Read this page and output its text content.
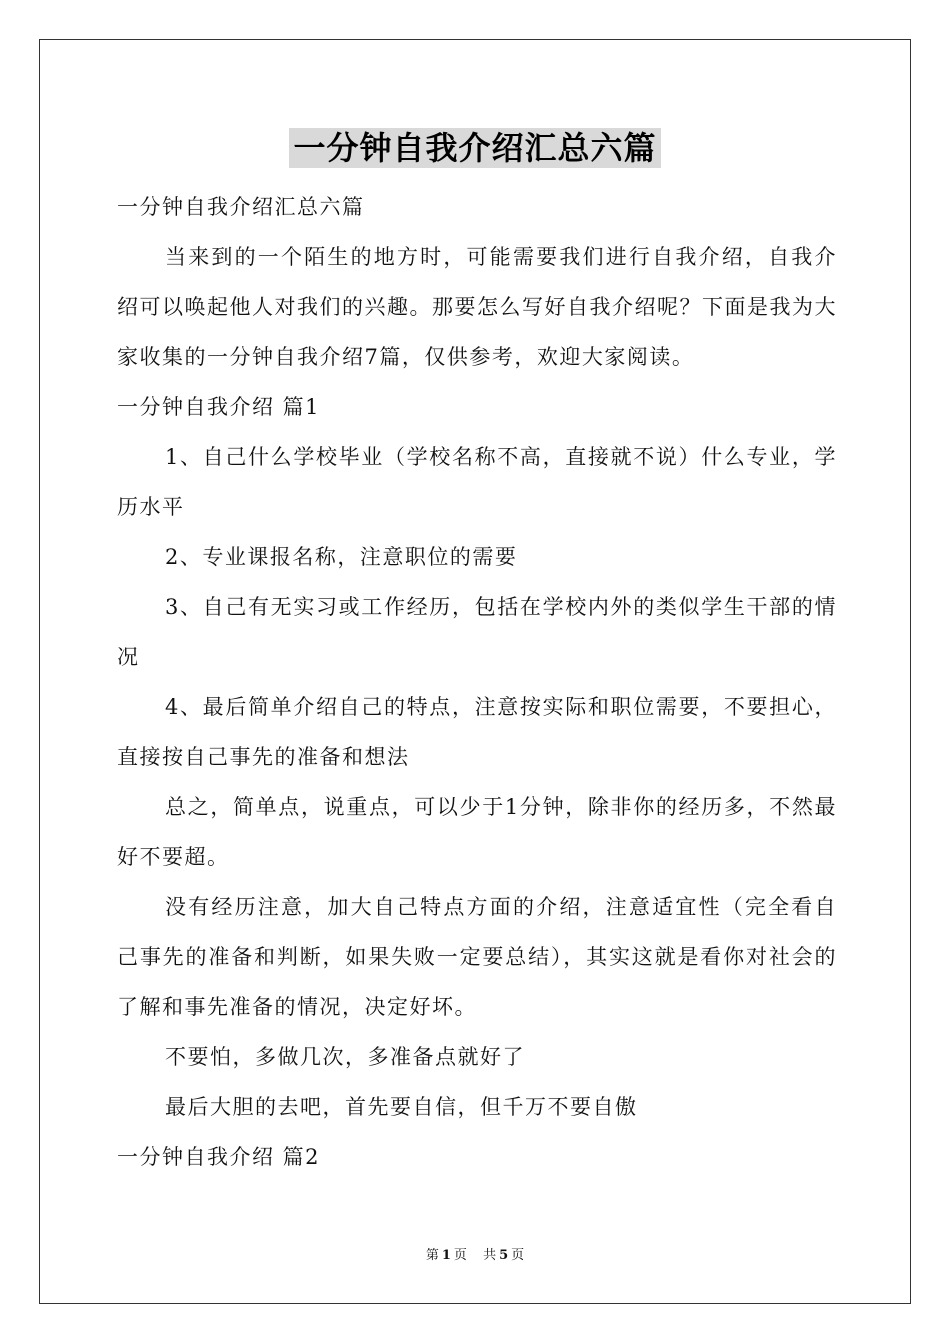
一分钟自我介绍汇总六篇

一分钟自我介绍汇总六篇

当来到的一个陌生的地方时，可能需要我们进行自我介绍，自我介绍可以唤起他人对我们的兴趣。那要怎么写好自我介绍呢？下面是我为大家收集的一分钟自我介绍7篇，仅供参考，欢迎大家阅读。

一分钟自我介绍 篇1

1、自己什么学校毕业（学校名称不高，直接就不说）什么专业，学历水平

2、专业课报名称，注意职位的需要

3、自己有无实习或工作经历，包括在学校内外的类似学生干部的情况

4、最后简单介绍自己的特点，注意按实际和职位需要，不要担心，直接按自己事先的准备和想法

总之，简单点，说重点，可以少于1分钟，除非你的经历多，不然最好不要超。

没有经历注意，加大自己特点方面的介绍，注意适宜性（完全看自己事先的准备和判断，如果失败一定要总结），其实这就是看你对社会的了解和事先准备的情况，决定好坏。

不要怕，多做几次，多准备点就好了

最后大胆的去吧，首先要自信，但千万不要自傲

一分钟自我介绍 篇2

第 1 页 共 5 页
